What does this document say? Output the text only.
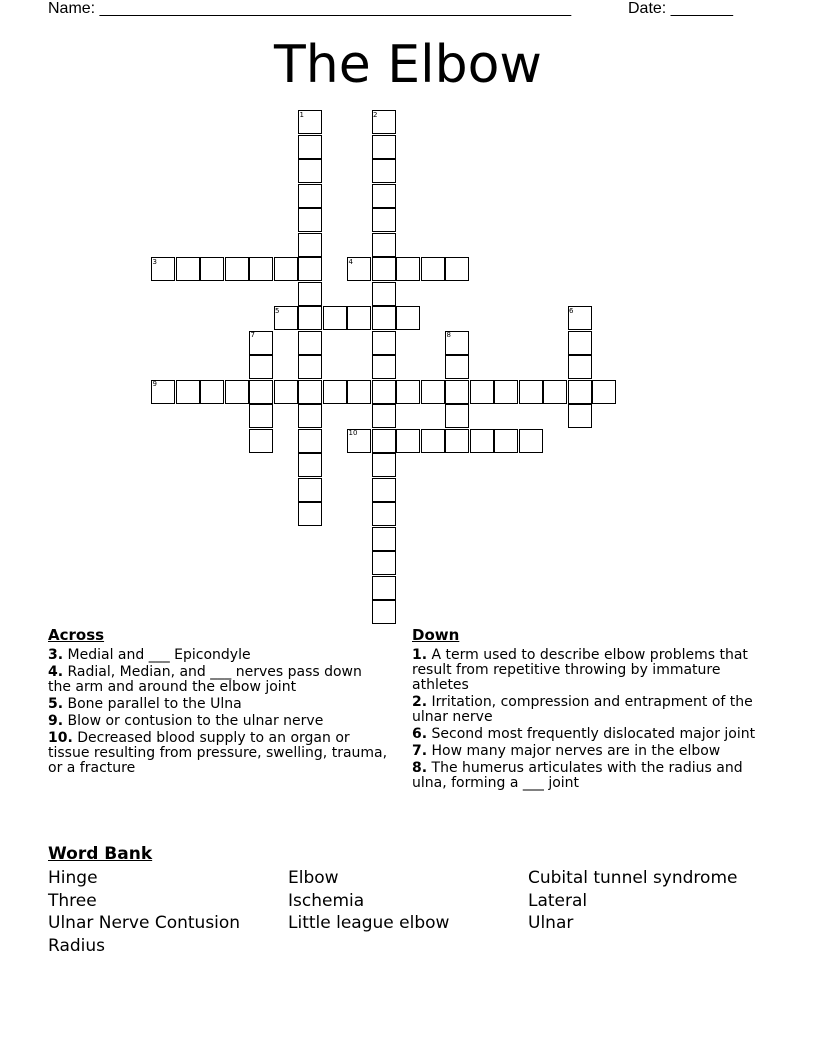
Name: _____________________________________________________	Date: _______
The Elbow
1	2
3	4
5	6
7	8
9
10
Across
3. Medial and ___ Epicondyle
4. Radial, Median, and ___ nerves pass down the arm and around the elbow joint
5. Bone parallel to the Ulna
9. Blow or contusion to the ulnar nerve
10. Decreased blood supply to an organ or tissue resulting from pressure, swelling, trauma, or a fracture
Down
1. A term used to describe elbow problems that result from repetitive throwing by immature athletes
2. Irritation, compression and entrapment of the ulnar nerve
6. Second most frequently dislocated major joint
7. How many major nerves are in the elbow
8. The humerus articulates with the radius and ulna, forming a ___ joint
Word Bank
Hinge	Elbow	Cubital tunnel syndrome
Three	Ischemia	Lateral
Ulnar Nerve Contusion	Little league elbow	Ulnar
Radius
